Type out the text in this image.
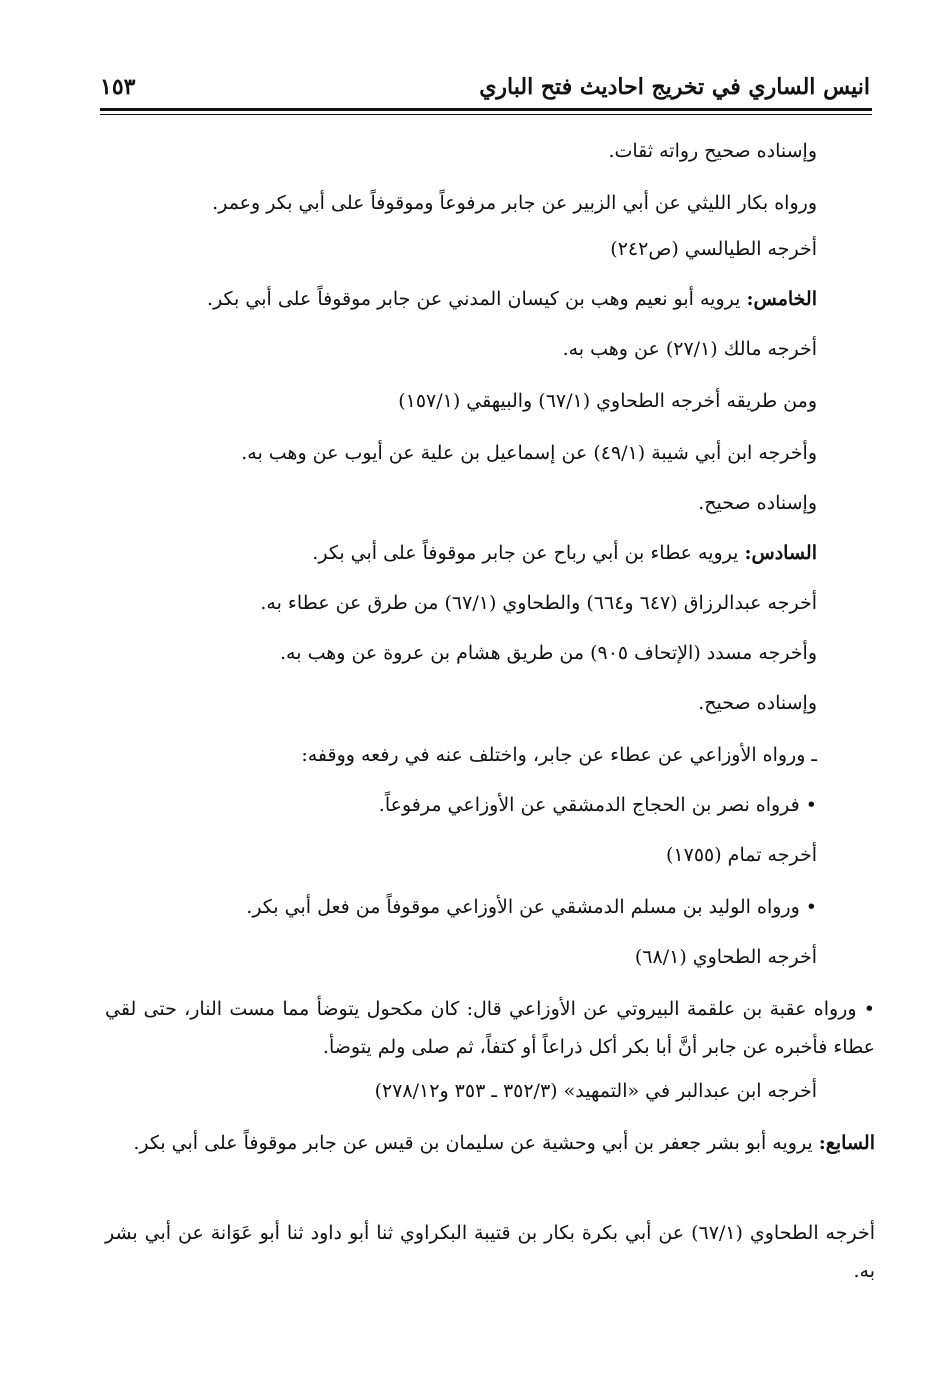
انيس الساري في تخريج احاديث فتح الباري
١٥٣
وإسناده صحيح رواته ثقات.
ورواه بكار الليثي عن أبي الزبير عن جابر مرفوعاً وموقوفاً على أبي بكر وعمر.
أخرجه الطيالسي (ص٢٤٢)
الخامس: يرويه أبو نعيم وهب بن كيسان المدني عن جابر موقوفاً على أبي بكر.
أخرجه مالك (٢٧/١) عن وهب به.
ومن طريقه أخرجه الطحاوي (٦٧/١) والبيهقي (١٥٧/١)
وأخرجه ابن أبي شيبة (٤٩/١) عن إسماعيل بن علية عن أيوب عن وهب به.
وإسناده صحيح.
السادس: يرويه عطاء بن أبي رباح عن جابر موقوفاً على أبي بكر.
أخرجه عبدالرزاق (٦٤٧ و٦٦٤) والطحاوي (٦٧/١) من طرق عن عطاء به.
وأخرجه مسدد (الإتحاف ٩٠٥) من طريق هشام بن عروة عن وهب به.
وإسناده صحيح.
ـ ورواه الأوزاعي عن عطاء عن جابر، واختلف عنه في رفعه ووقفه:
• فرواه نصر بن الحجاج الدمشقي عن الأوزاعي مرفوعاً.
أخرجه تمام (١٧٥٥)
• ورواه الوليد بن مسلم الدمشقي عن الأوزاعي موقوفاً من فعل أبي بكر.
أخرجه الطحاوي (٦٨/١)
• ورواه عقبة بن علقمة البيروتي عن الأوزاعي قال: كان مكحول يتوضأ مما مست النار، حتى لقي عطاء فأخبره عن جابر أنَّ أبا بكر أكل ذراعاً أو كتفاً، ثم صلى ولم يتوضأ.
أخرجه ابن عبدالبر في «التمهيد» (٣٥٢/٣ ـ ٣٥٣ و٢٧٨/١٢)
السابع: يرويه أبو بشر جعفر بن أبي وحشية عن سليمان بن قيس عن جابر موقوفاً على أبي بكر.
أخرجه الطحاوي (٦٧/١) عن أبي بكرة بكار بن قتيبة البكراوي ثنا أبو داود ثنا أبو عَوَانة عن أبي بشر به.
